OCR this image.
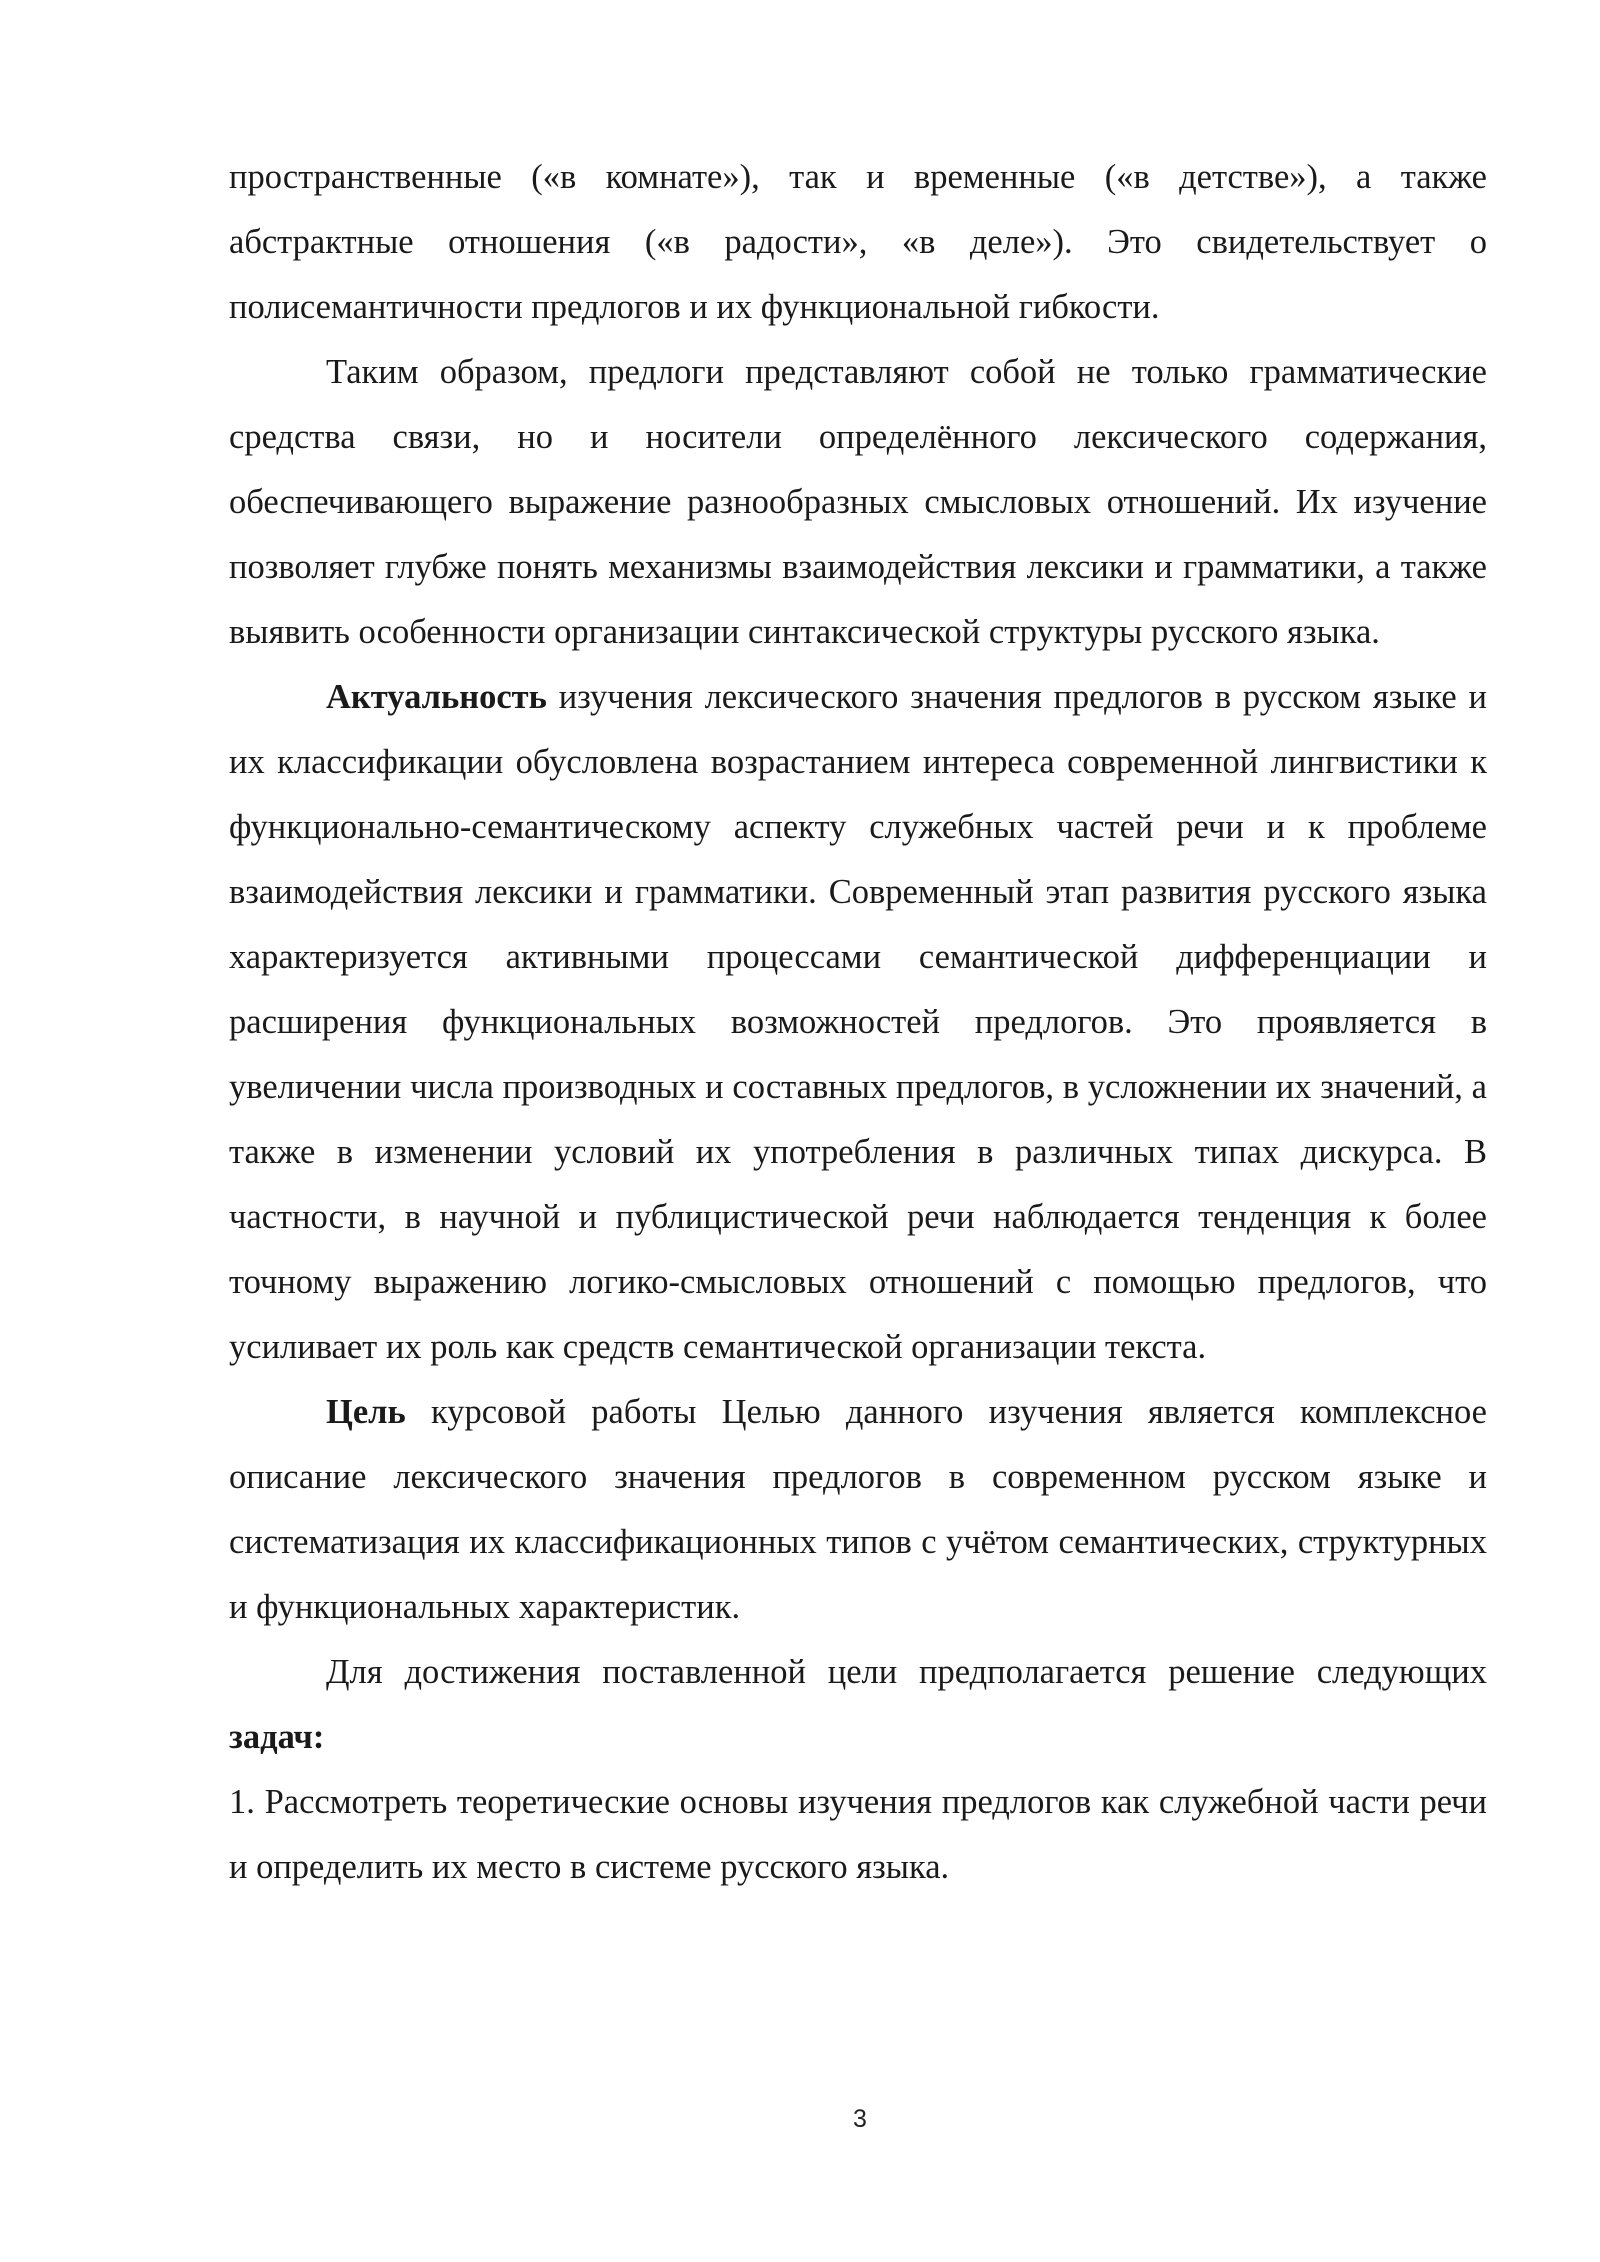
пространственные («в комнате»), так и временные («в детстве»), а также абстрактные отношения («в радости», «в деле»). Это свидетельствует о полисемантичности предлогов и их функциональной гибкости.

Таким образом, предлоги представляют собой не только грамматические средства связи, но и носители определённого лексического содержания, обеспечивающего выражение разнообразных смысловых отношений. Их изучение позволяет глубже понять механизмы взаимодействия лексики и грамматики, а также выявить особенности организации синтаксической структуры русского языка.

Актуальность изучения лексического значения предлогов в русском языке и их классификации обусловлена возрастанием интереса современной лингвистики к функционально-семантическому аспекту служебных частей речи и к проблеме взаимодействия лексики и грамматики. Современный этап развития русского языка характеризуется активными процессами семантической дифференциации и расширения функциональных возможностей предлогов. Это проявляется в увеличении числа производных и составных предлогов, в усложнении их значений, а также в изменении условий их употребления в различных типах дискурса. В частности, в научной и публицистической речи наблюдается тенденция к более точному выражению логико-смысловых отношений с помощью предлогов, что усиливает их роль как средств семантической организации текста.

Цель курсовой работы Целью данного изучения является комплексное описание лексического значения предлогов в современном русском языке и систематизация их классификационных типов с учётом семантических, структурных и функциональных характеристик.

Для достижения поставленной цели предполагается решение следующих задач:

1. Рассмотреть теоретические основы изучения предлогов как служебной части речи и определить их место в системе русского языка.

3
